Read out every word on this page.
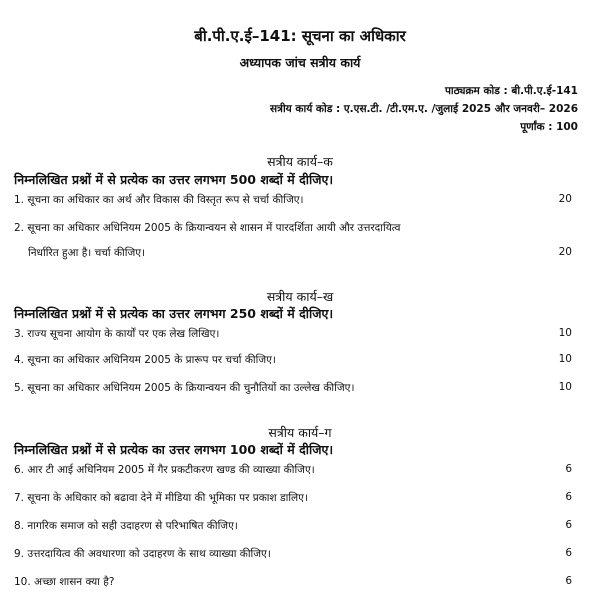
बी.पी.ए.ई–141: सूचना का अधिकार
अध्यापक जांच सत्रीय कार्य
पाठ्यक्रम कोड : बी.पी.ए.ई-141
सत्रीय कार्य कोड : ए.एस.टी. /टी.एम.ए. /जुलाई 2025 और जनवरी– 2026
पूर्णांक : 100
सत्रीय कार्य–क
निम्नलिखित प्रश्नों में से प्रत्येक का उत्तर लगभग 500 शब्दों में दीजिए।
1. सूचना का अधिकार का अर्थ और विकास की विस्तृत रूप से चर्चा कीजिए।	20
2. सूचना का अधिकार अधिनियम 2005 के क्रियान्वयन से शासन में पारदर्शिता आयी और उत्तरदायित्व
निर्धारित हुआ है। चर्चा कीजिए।	20
सत्रीय कार्य–ख
निम्नलिखित प्रश्नों में से प्रत्येक का उत्तर लगभग 250 शब्दों में दीजिए।
3. राज्य सूचना आयोग के कार्यों पर एक लेख लिखिए।	10
4. सूचना का अधिकार अधिनियम 2005 के प्रारूप पर चर्चा कीजिए।	10
5. सूचना का अधिकार अधिनियम 2005 के क्रियान्वयन की चुनौतियों का उल्लेख कीजिए।	10
सत्रीय कार्य–ग
निम्नलिखित प्रश्नों में से प्रत्येक का उत्तर लगभग 100 शब्दों में दीजिए।
6. आर टी आई अधिनियम 2005 में गैर प्रकटीकरण खण्ड की व्याख्या कीजिए।	6
7. सूचना के अधिकार को बढावा देने में मीडिया की भूमिका पर प्रकाश डालिए।	6
8. नागरिक समाज को सही उदाहरण से परिभाषित कीजिए।	6
9. उत्तरदायित्व की अवधारणा को उदाहरण के साथ व्याख्या कीजिए।	6
10. अच्छा शासन क्या है?	6
